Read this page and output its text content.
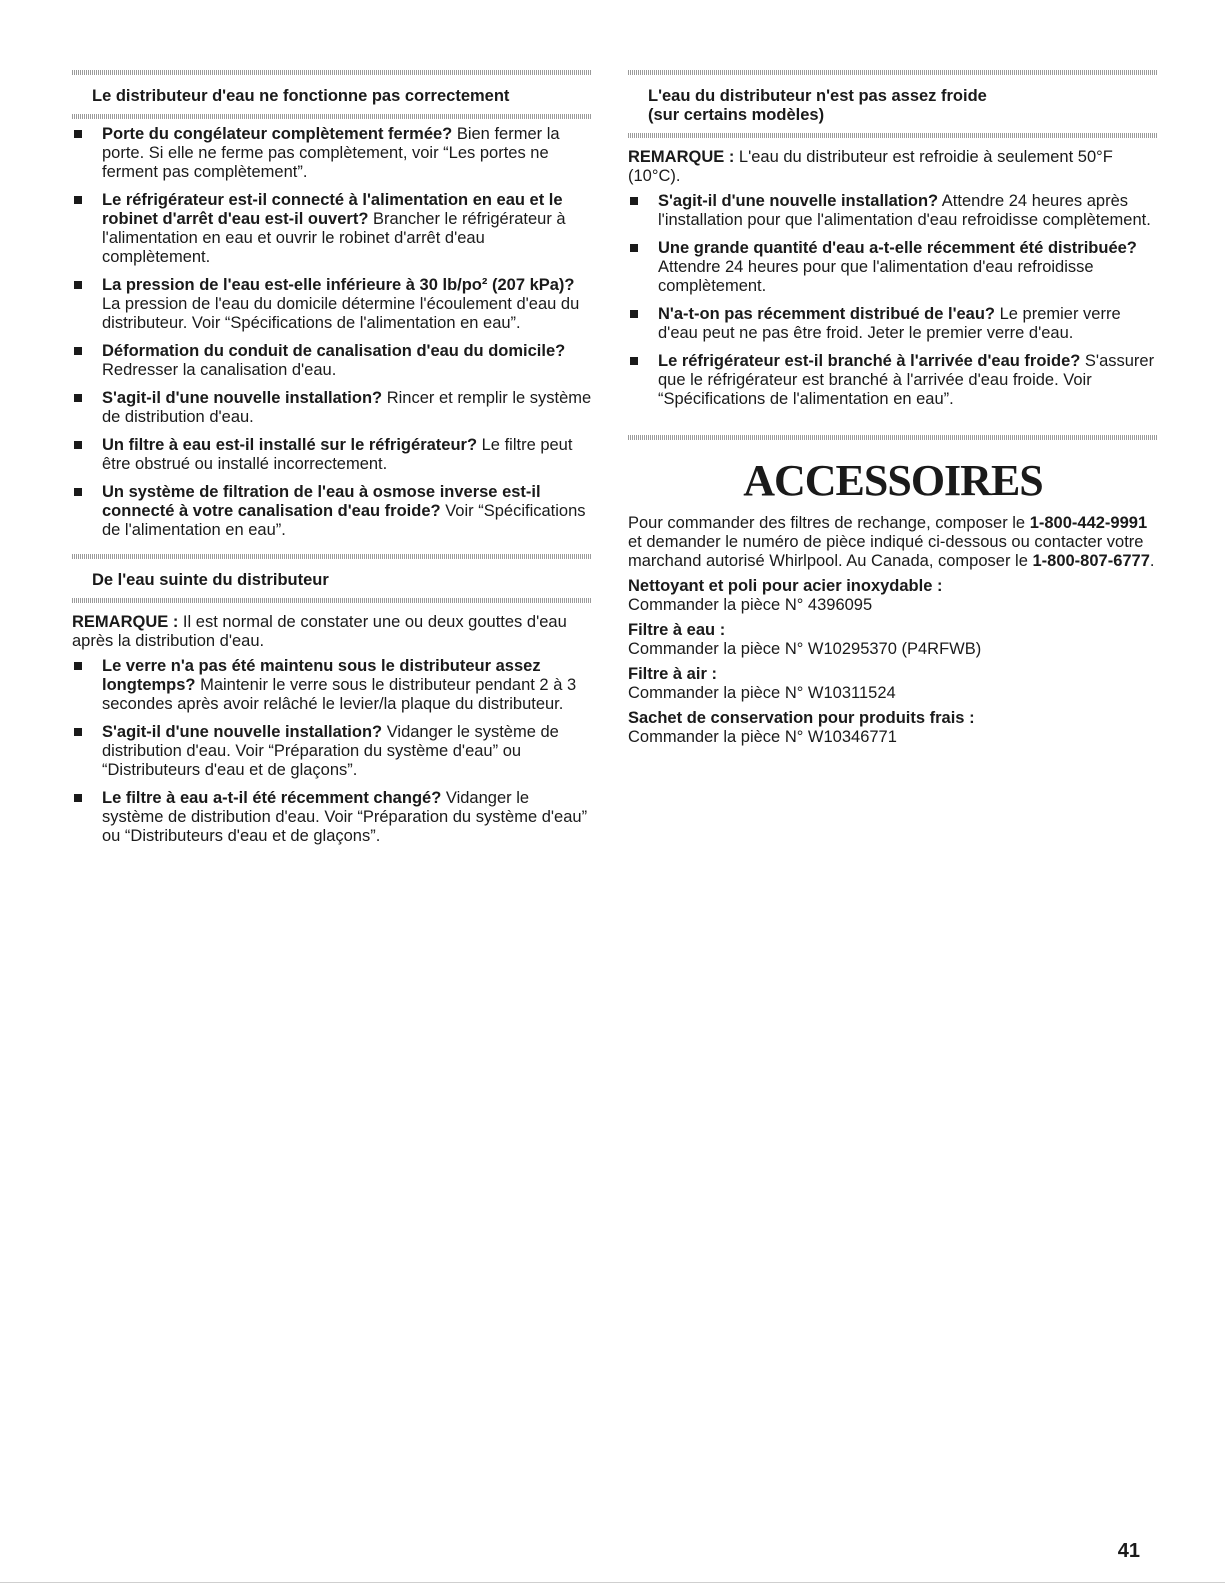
Le distributeur d'eau ne fonctionne pas correctement
Porte du congélateur complètement fermée? Bien fermer la porte. Si elle ne ferme pas complètement, voir “Les portes ne ferment pas complètement”.
Le réfrigérateur est-il connecté à l'alimentation en eau et le robinet d'arrêt d'eau est-il ouvert? Brancher le réfrigérateur à l'alimentation en eau et ouvrir le robinet d'arrêt d'eau complètement.
La pression de l'eau est-elle inférieure à 30 lb/po² (207 kPa)? La pression de l'eau du domicile détermine l'écoulement d'eau du distributeur. Voir “Spécifications de l'alimentation en eau”.
Déformation du conduit de canalisation d'eau du domicile? Redresser la canalisation d'eau.
S'agit-il d'une nouvelle installation? Rincer et remplir le système de distribution d'eau.
Un filtre à eau est-il installé sur le réfrigérateur? Le filtre peut être obstrué ou installé incorrectement.
Un système de filtration de l'eau à osmose inverse est-il connecté à votre canalisation d'eau froide? Voir “Spécifications de l'alimentation en eau”.
De l'eau suinte du distributeur

REMARQUE : Il est normal de constater une ou deux gouttes d'eau après la distribution d'eau.

Le verre n'a pas été maintenu sous le distributeur assez longtemps? Maintenir le verre sous le distributeur pendant 2 à 3 secondes après avoir relâché le levier/la plaque du distributeur.
S'agit-il d'une nouvelle installation? Vidanger le système de distribution d'eau. Voir “Préparation du système d'eau” ou “Distributeurs d'eau et de glaçons”.
Le filtre à eau a-t-il été récemment changé? Vidanger le système de distribution d'eau. Voir “Préparation du système d'eau” ou “Distributeurs d'eau et de glaçons”.
L'eau du distributeur n'est pas assez froide
(sur certains modèles)

REMARQUE : L'eau du distributeur est refroidie à seulement 50°F (10°C).

S'agit-il d'une nouvelle installation? Attendre 24 heures après l'installation pour que l'alimentation d'eau refroidisse complètement.
Une grande quantité d'eau a-t-elle récemment été distribuée? Attendre 24 heures pour que l'alimentation d'eau refroidisse complètement.
N'a-t-on pas récemment distribué de l'eau? Le premier verre d'eau peut ne pas être froid. Jeter le premier verre d'eau.
Le réfrigérateur est-il branché à l'arrivée d'eau froide? S'assurer que le réfrigérateur est branché à l'arrivée d'eau froide. Voir “Spécifications de l'alimentation en eau”.
ACCESSOIRES

Pour commander des filtres de rechange, composer le 1-800-442-9991 et demander le numéro de pièce indiqué ci-dessous ou contacter votre marchand autorisé Whirlpool. Au Canada, composer le 1-800-807-6777.

Nettoyant et poli pour acier inoxydable :
Commander la pièce N° 4396095
Filtre à eau :
Commander la pièce N° W10295370 (P4RFWB)
Filtre à air :
Commander la pièce N° W10311524
Sachet de conservation pour produits frais :
Commander la pièce N° W10346771
41
